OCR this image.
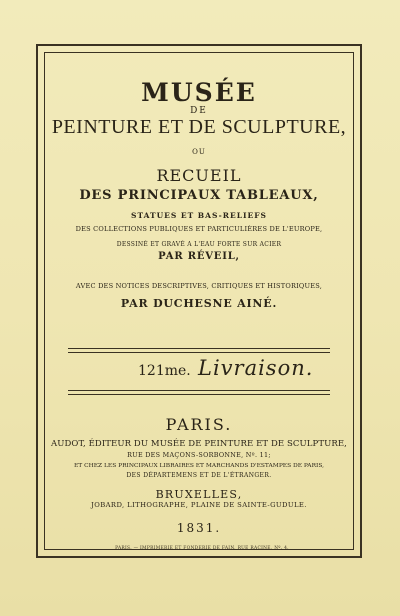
MUSÉE
DE
PEINTURE ET DE SCULPTURE,
OU
RECUEIL
DES PRINCIPAUX TABLEAUX,
STATUES ET BAS-RELIEFS
DES COLLECTIONS PUBLIQUES ET PARTICULIÈRES DE L'EUROPE,
DESSINÉ ET GRAVÉ A L'EAU FORTE SUR ACIER
PAR RÉVEIL,
AVEC DES NOTICES DESCRIPTIVES, CRITIQUES ET HISTORIQUES,
PAR DUCHESNE AINÉ.
121me. Livraison.
PARIS.
AUDOT, ÉDITEUR DU MUSÉE DE PEINTURE ET DE SCULPTURE,
RUE DES MAÇONS-SORBONNE, Nº. 11;
ET CHEZ LES PRINCIPAUX LIBRAIRES ET MARCHANDS D'ESTAMPES DE PARIS,
DES DÉPARTEMENS ET DE L'ÉTRANGER.
BRUXELLES,
JOBARD, LITHOGRAPHE, PLAINE DE SAINTE-GUDULE.
1831.
PARIS. — IMPRIMERIE ET FONDERIE DE FAIN, RUE RACINE, Nº. 4.
